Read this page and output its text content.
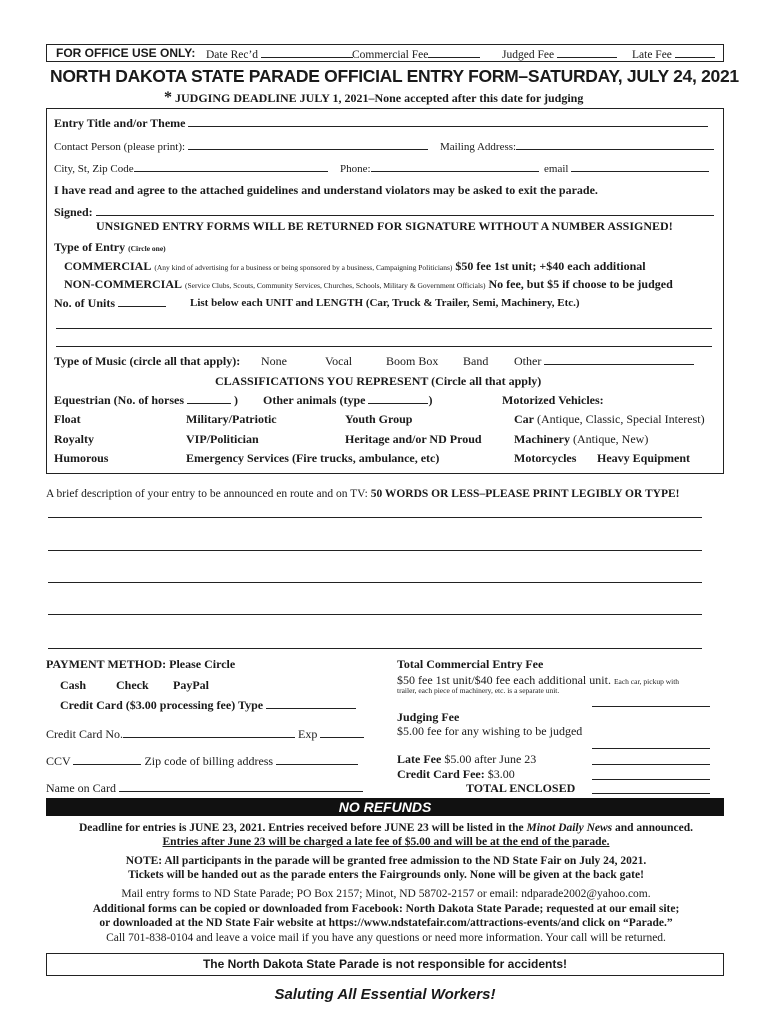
FOR OFFICE USE ONLY: Date Rec’d	Commercial Fee	Judged Fee	Late Fee
NORTH DAKOTA STATE PARADE OFFICIAL ENTRY FORM–SATURDAY, JULY 24, 2021
* JUDGING DEADLINE JULY 1, 2021–None accepted after this date for judging
Entry Title and/or Theme
Contact Person (please print):	Mailing Address:
City, St, Zip Code	Phone:	email
I have read and agree to the attached guidelines and understand violators may be asked to exit the parade.
Signed:
UNSIGNED ENTRY FORMS WILL BE RETURNED FOR SIGNATURE WITHOUT A NUMBER ASSIGNED!
Type of Entry (Circle one)
COMMERCIAL (Any kind of advertising for a business or being sponsored by a business, Campaigning Politicians) $50 fee 1st unit; +$40 each additional
NON-COMMERCIAL (Service Clubs, Scouts, Community Services, Churches, Schools, Military & Government Officials) No fee, but $5 if choose to be judged
No. of Units	List below each UNIT and LENGTH (Car, Truck & Trailer, Semi, Machinery, Etc.)
Type of Music (circle all that apply): None	Vocal	Boom Box Band Other
CLASSIFICATIONS YOU REPRESENT (Circle all that apply)
Equestrian (No. of horses	) Other animals (type	)	Motorized Vehicles:
Float	Military/Patriotic	Youth Group	Car (Antique, Classic, Special Interest)
Royalty	VIP/Politician	Heritage and/or ND Proud	Machinery (Antique, New)
Humorous	Emergency Services (Fire trucks, ambulance, etc)	Motorcycles Heavy Equipment
A brief description of your entry to be announced en route and on TV: 50 WORDS OR LESS–PLEASE PRINT LEGIBLY OR TYPE!
PAYMENT METHOD: Please Circle
Cash Check PayPal
Credit Card ($3.00 processing fee) Type
Credit Card No.	Exp
CCV	Zip code of billing address
Name on Card
Total Commercial Entry Fee
$50 fee 1st unit/$40 fee each additional unit. Each car, pickup with
trailer, each piece of machinery, etc. is a separate unit.
Judging Fee
$5.00 fee for any wishing to be judged
Late Fee $5.00 after June 23
Credit Card Fee: $3.00
TOTAL ENCLOSED
NO REFUNDS
Deadline for entries is JUNE 23, 2021. Entries received before JUNE 23 will be listed in the Minot Daily News and announced.
Entries after June 23 will be charged a late fee of $5.00 and will be at the end of the parade.
NOTE: All participants in the parade will be granted free admission to the ND State Fair on July 24, 2021.
Tickets will be handed out as the parade enters the Fairgrounds only. None will be given at the back gate!
Mail entry forms to ND State Parade; PO Box 2157; Minot, ND 58702-2157 or email: ndparade2002@yahoo.com.
Additional forms can be copied or downloaded from Facebook: North Dakota State Parade; requested at our email site;
or downloaded at the ND State Fair website at https://www.ndstatefair.com/attractions-events/and click on “Parade.”
Call 701-838-0104 and leave a voice mail if you have any questions or need more information. Your call will be returned.
The North Dakota State Parade is not responsible for accidents!
Saluting All Essential Workers!
